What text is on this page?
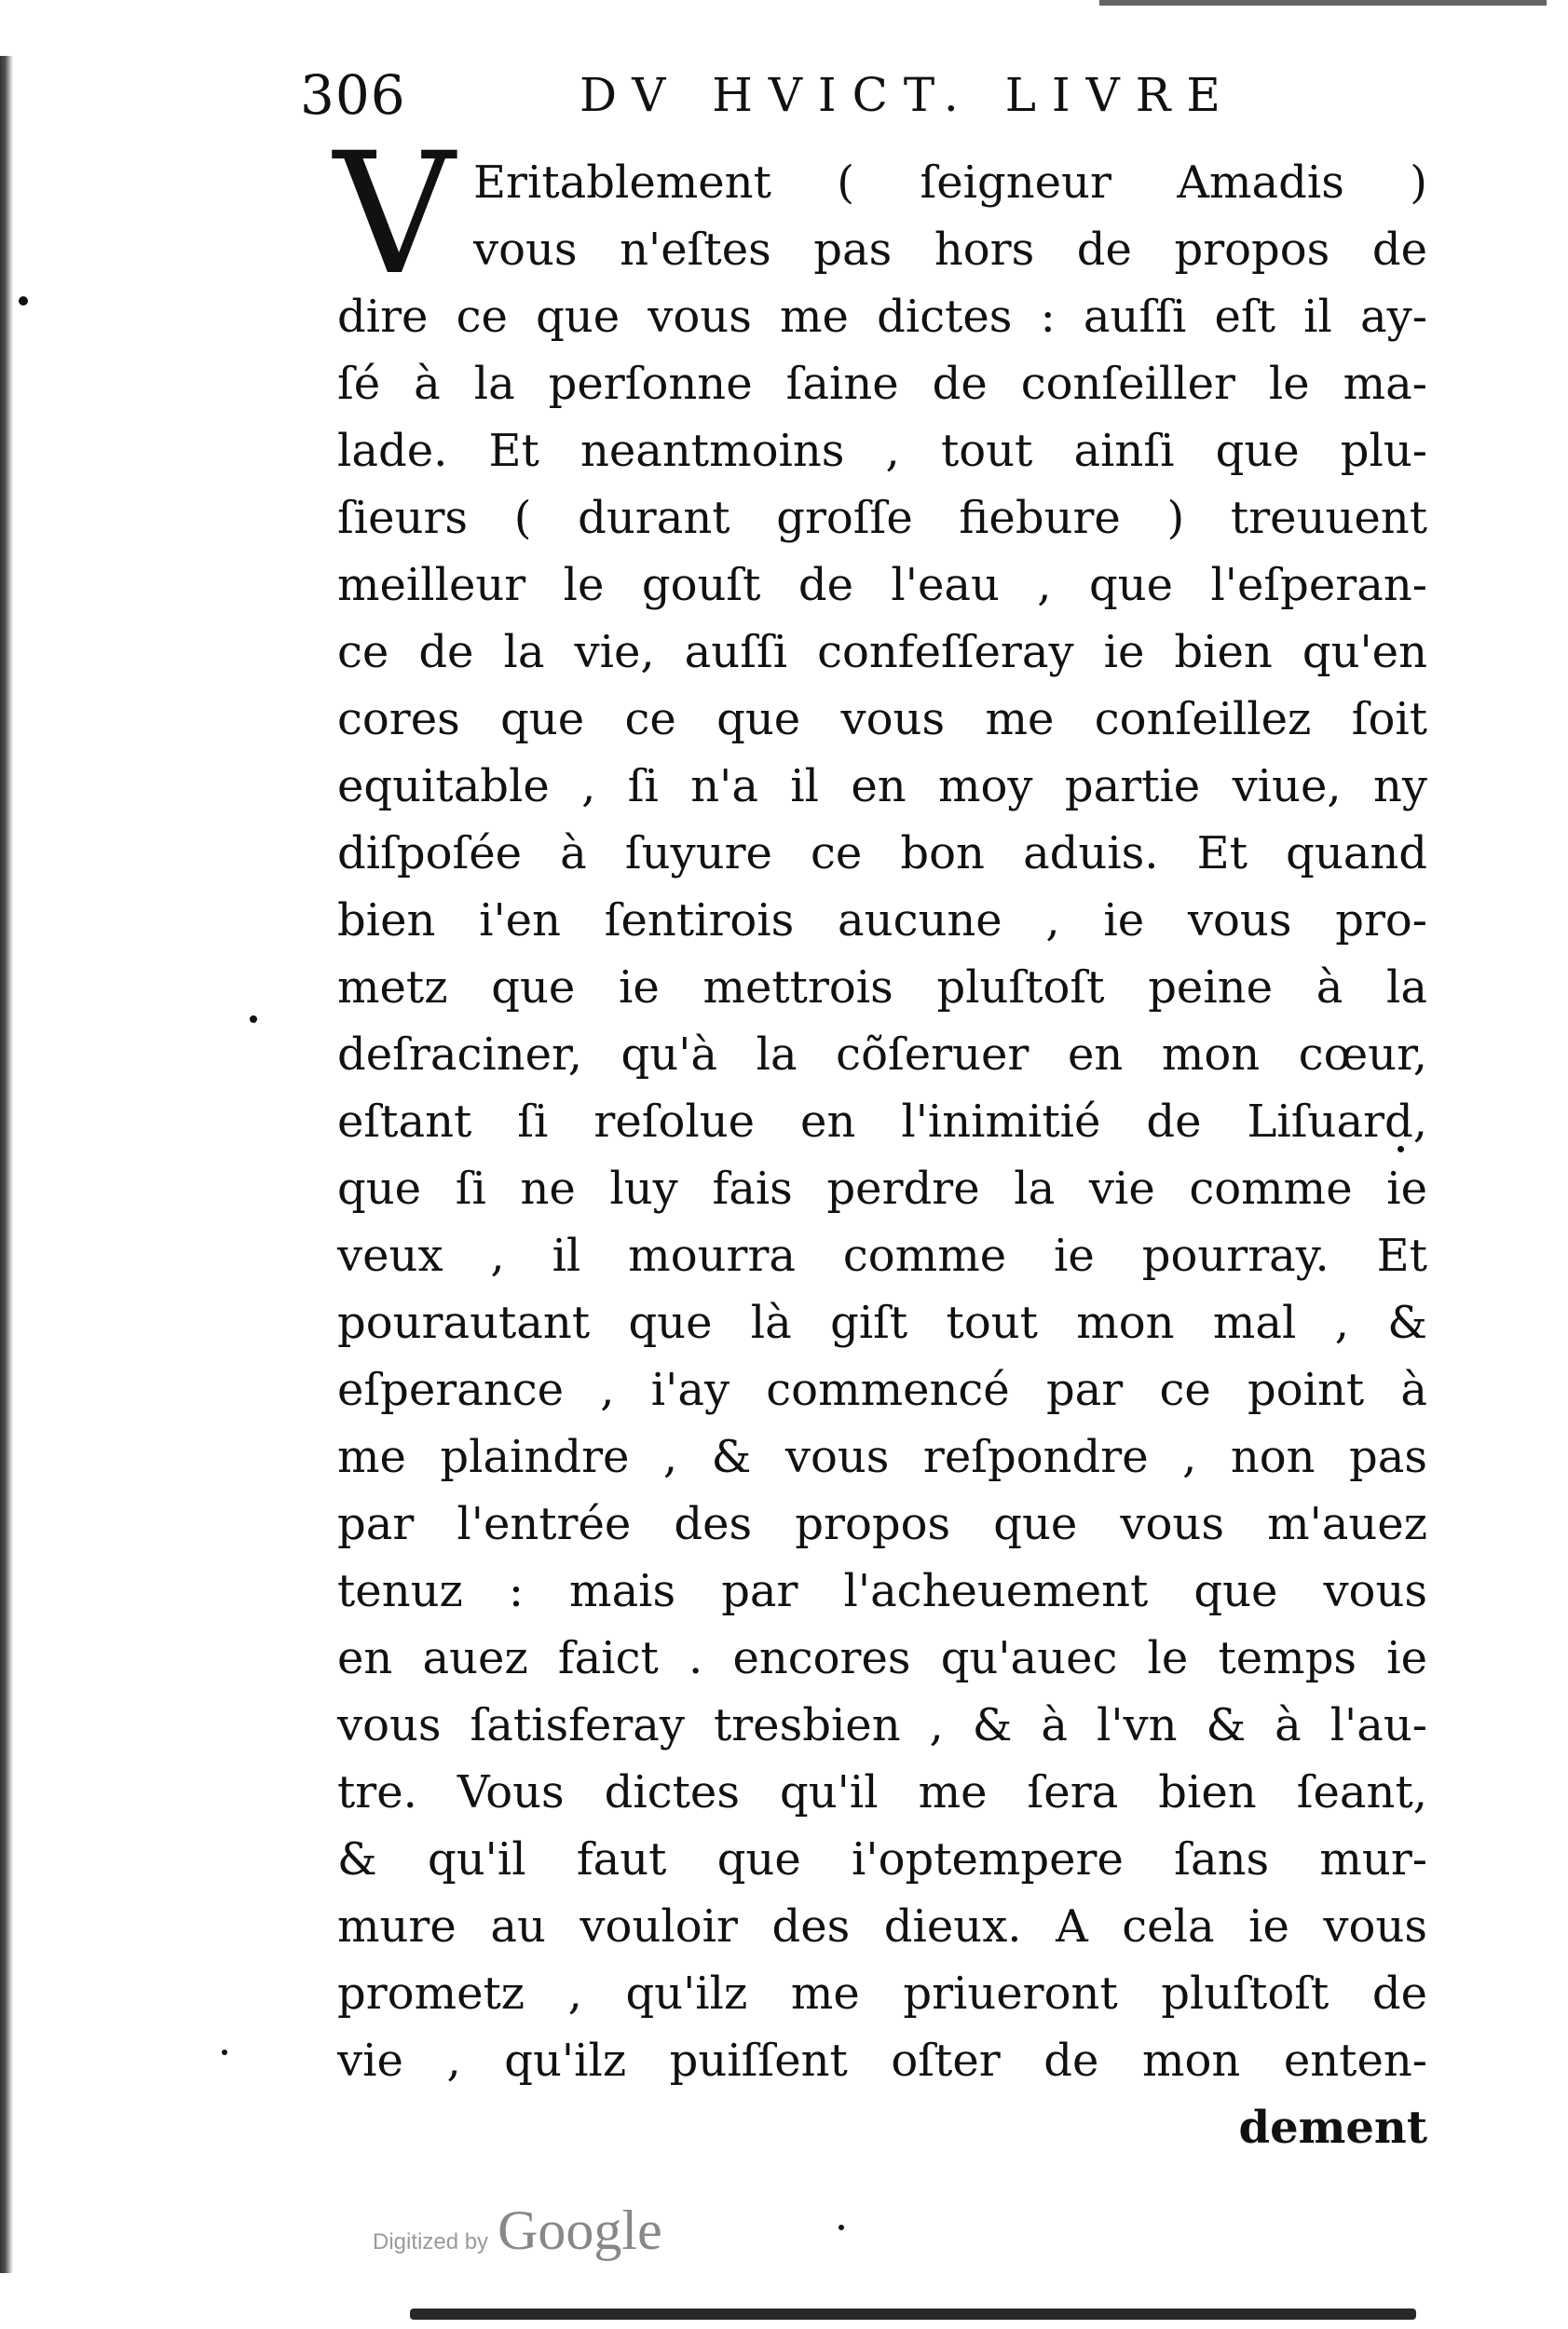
306	DV HVICT. LIVRE
V Eritablement ( ſeigneur Amadis )
vous n'eſtes pas hors de propos de
dire ce que vous me dictes : auſſi eſt il ay-
ſé à la perſonne ſaine de conſeiller le ma-
lade. Et neantmoins , tout ainſi que plu-
ſieurs ( durant groſſe fiebure ) treuuent
meilleur le gouſt de l'eau , que l'eſperan-
ce de la vie, auſſi confeſſeray ie bien qu'en
cores que ce que vous me conſeillez ſoit
equitable , ſi n'a il en moy partie viue, ny
diſpoſée à ſuyure ce bon aduis. Et quand
bien i'en ſentirois aucune , ie vous pro-
metz que ie mettrois pluſtoſt peine à la
deſraciner, qu'à la cõſeruer en mon cœur,
eſtant ſi reſolue en l'inimitié de Liſuard,
que ſi ne luy fais perdre la vie comme ie
veux , il mourra comme ie pourray. Et
pourautant que là giſt tout mon mal , &
eſperance , i'ay commencé par ce point à
me plaindre , & vous reſpondre , non pas
par l'entrée des propos que vous m'auez
tenuz : mais par l'acheuement que vous
en auez faict . encores qu'auec le temps ie
vous ſatisferay tresbien , & à l'vn & à l'au-
tre. Vous dictes qu'il me ſera bien ſeant,
& qu'il faut que i'optempere ſans mur-
mure au vouloir des dieux. A cela ie vous
prometz , qu'ilz me priueront pluſtoſt de
vie , qu'ilz puiſſent oſter de mon enten-
dement
Digitized by Google
